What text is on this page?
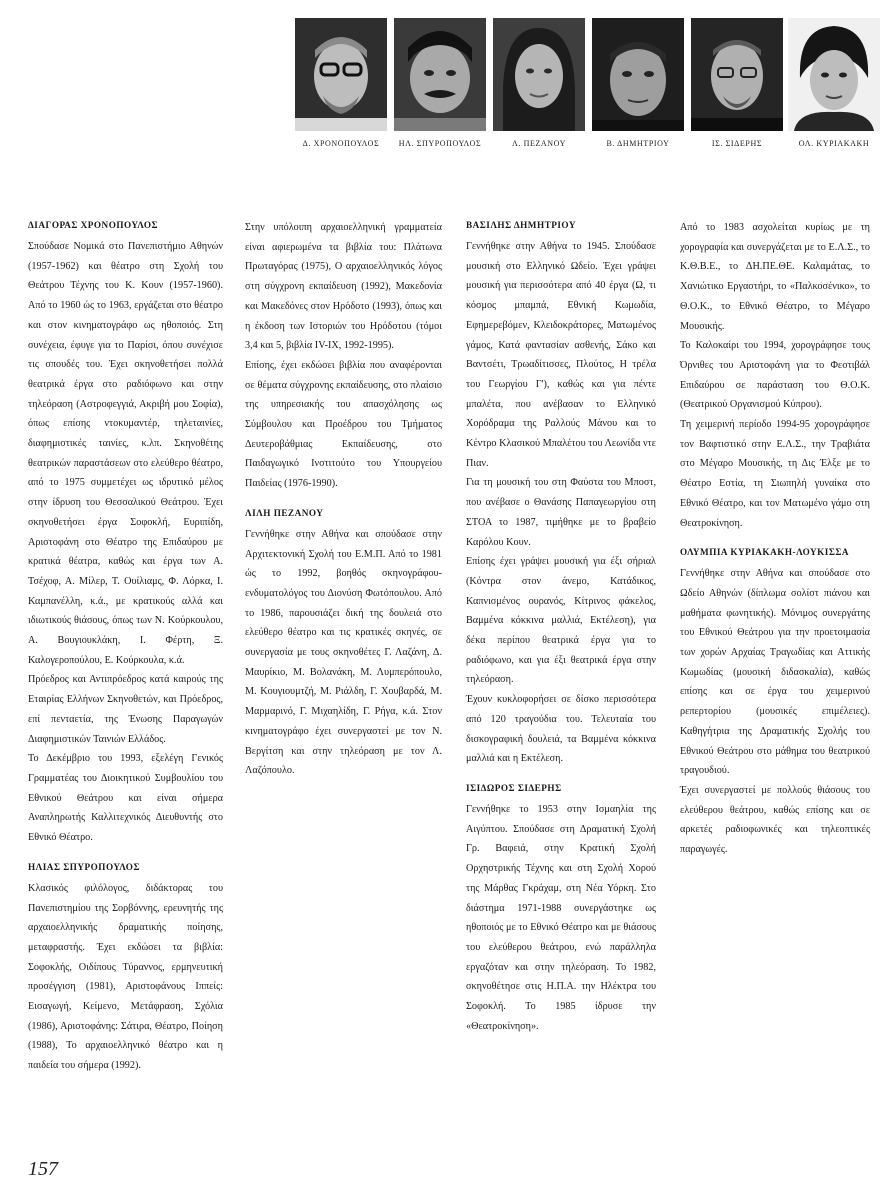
Δ. ΧΡΟΝΟΠΟΥΛΟΣ	ΗΛ. ΣΠΥΡΟΠΟΥΛΟΣ	Λ. ΠΕΖΑΝΟΥ	Β. ΔΗΜΗΤΡΙΟΥ	ΙΣ. ΣΙΔΕΡΗΣ	ΟΛ. ΚΥΡΙΑΚΑΚΗ
ΔΙΑΓΟΡΑΣ ΧΡΟΝΟΠΟΥΛΟΣ

Σπούδασε Νομικά στο Πανεπιστήμιο Αθηνών (1957-1962) και θέατρο στη Σχολή του Θεάτρου Τέχνης του Κ. Κουν (1957-1960). Από το 1960 ώς το 1963, εργάζεται στο θέατρο και στον κινηματογράφο ως ηθοποιός. Στη συνέχεια, έφυγε για το Παρίσι, όπου συνέχισε τις σπουδές του. Έχει σκηνοθετήσει πολλά θεατρικά έργα στο ραδιόφωνο και στην τηλεόραση (Αστροφεγγιά, Ακριβή μου Σοφία), όπως επίσης ντοκυμαντέρ, τηλεταινίες, διαφημιστικές ταινίες, κ.λπ. Σκηνοθέτης θεατρικών παραστάσεων στο ελεύθερο θέατρο, από το 1975 συμμετέχει ως ιδρυτικό μέλος στην ίδρυση του Θεσσαλικού Θεάτρου. Έχει σκηνοθετήσει έργα Σοφοκλή, Ευριπίδη, Αριστοφάνη στο Θέατρο της Επιδαύρου με κρατικά θέατρα, καθώς και έργα των Α. Τσέχοφ, Α. Μίλερ, Τ. Ουίλιαμς, Φ. Λόρκα, Ι. Καμπανέλλη, κ.ά., με κρατικούς αλλά και ιδιωτικούς θιάσους, όπως των Ν. Κούρκουλου, Α. Βουγιουκλάκη, Ι. Φέρτη, Ξ. Καλογεροπούλου, Ε. Κούρκουλα, κ.ά.

Πρόεδρος και Αντιπρόεδρος κατά καιρούς της Εταιρίας Ελλήνων Σκηνοθετών, και Πρόεδρος, επί πενταετία, της Ένωσης Παραγωγών Διαφημιστικών Ταινιών Ελλάδος.

Το Δεκέμβριο του 1993, εξελέγη Γενικός Γραμματέας του Διοικητικού Συμβουλίου του Εθνικού Θεάτρου και είναι σήμερα Αναπληρωτής Καλλιτεχνικός Διευθυντής στο Εθνικό Θέατρο.

ΗΛΙΑΣ ΣΠΥΡΟΠΟΥΛΟΣ

Κλασικός φιλόλογος, διδάκτορας του Πανεπιστημίου της Σορβόννης, ερευνητής της αρχαιοελληνικής δραματικής ποίησης, μεταφραστής. Έχει εκδώσει τα βιβλία: Σοφοκλής, Οιδίπους Τύραννος, ερμηνευτική προσέγγιση (1981), Αριστοφάνους Ιππείς: Εισαγωγή, Κείμενο, Μετάφραση, Σχόλια (1986), Αριστοφάνης: Σάτιρα, Θέατρο, Ποίηση (1988), Το αρχαιοελληνικό θέατρο και η παιδεία του σήμερα (1992).

Στην υπόλοιπη αρχαιοελληνική γραμματεία είναι αφιερωμένα τα βιβλία του: Πλάτωνα Πρωταγόρας (1975), Ο αρχαιοελληνικός λόγος στη σύγχρονη εκπαίδευση (1992), Μακεδονία και Μακεδόνες στον Ηρόδοτο (1993), όπως και η έκδοση των Ιστοριών του Ηρόδοτου (τόμοι 3,4 και 5, βιβλία IV-IX, 1992-1995).

Επίσης, έχει εκδώσει βιβλία που αναφέρονται σε θέματα σύγχρονης εκπαίδευσης, στο πλαίσιο της υπηρεσιακής του απασχόλησης ως Σύμβουλου και Προέδρου του Τμήματος Δευτεροβάθμιας Εκπαίδευσης, στο Παιδαγωγικό Ινστιτούτο του Υπουργείου Παιδείας (1976-1990).

ΛΙΛΗ ΠΕΖΑΝΟΥ

Γεννήθηκε στην Αθήνα και σπούδασε στην Αρχιτεκτονική Σχολή του Ε.Μ.Π. Από το 1981 ώς το 1992, βοηθός σκηνογράφου-ενδυματολόγος του Διονύση Φωτόπουλου. Από το 1986, παρουσιάζει δική της δουλειά στο ελεύθερο θέατρο και τις κρατικές σκηνές, σε συνεργασία με τους σκηνοθέτες Γ. Λαζάνη, Δ. Μαυρίκιο, Μ. Βολανάκη, Μ. Λυμπερόπουλο, Μ. Κουγιουμτζή, Μ. Ριάλδη, Γ. Χουβαρδά, Μ. Μαρμαρινό, Γ. Μιχαηλίδη, Γ. Ρήγα, κ.ά. Στον κινηματογράφο έχει συνεργαστεί με τον Ν. Βεργίτση και στην τηλεόραση με τον Λ. Λαζόπουλο.

ΒΑΣΙΛΗΣ ΔΗΜΗΤΡΙΟΥ

Γεννήθηκε στην Αθήνα το 1945. Σπούδασε μουσική στο Ελληνικό Ωδείο. Έχει γράψει μουσική για περισσότερα από 40 έργα (Ω, τι κόσμος μπαμπά, Εθνική Κωμωδία, Εφημερεβόμεν, Κλειδοκράτορες, Ματωμένος γάμος, Κατά φαντασίαν ασθενής, Σάκο και Βαντσέτι, Τρωαδίτισσες, Πλούτος, Η τρέλα του Γεωργίου Γ'), καθώς και για πέντε μπαλέτα, που ανέβασαν το Ελληνικό Χορόδραμα της Ραλλούς Μάνου και το Κέντρο Κλασικού Μπαλέτου του Λεωνίδα ντε Πιαν.

Για τη μουσική του στη Φαύστα του Μποστ, που ανέβασε ο Θανάσης Παπαγεωργίου στη ΣΤΟΑ το 1987, τιμήθηκε με το βραβείο Καρόλου Κουν.

Επίσης έχει γράψει μουσική για έξι σήριαλ (Κόντρα στον άνεμο, Κατάδικος, Καπνισμένος ουρανός, Κίτρινος φάκελος, Βαμμένα κόκκινα μαλλιά, Εκτέλεση), για δέκα περίπου θεατρικά έργα για το ραδιόφωνο, και για έξι θεατρικά έργα στην τηλεόραση.

Έχουν κυκλοφορήσει σε δίσκο περισσότερα από 120 τραγούδια του. Τελευταία του δισκογραφική δουλειά, τα Βαμμένα κόκκινα μαλλιά και η Εκτέλεση.

ΙΣΙΔΩΡΟΣ ΣΙΔΕΡΗΣ

Γεννήθηκε το 1953 στην Ισμαηλία της Αιγύπτου. Σπούδασε στη Δραματική Σχολή Γρ. Βαφειά, στην Κρατική Σχολή Ορχηστρικής Τέχνης και στη Σχολή Χορού της Μάρθας Γκράχαμ, στη Νέα Υόρκη. Στο διάστημα 1971-1988 συνεργάστηκε ως ηθοποιός με το Εθνικό Θέατρο και με θιάσους του ελεύθερου θεάτρου, ενώ παράλληλα εργαζόταν και στην τηλεόραση. Το 1982, σκηνοθέτησε στις Η.Π.Α. την Ηλέκτρα του Σοφοκλή. Το 1985 ίδρυσε την «Θεατροκίνηση».

Από το 1983 ασχολείται κυρίως με τη χορογραφία και συνεργάζεται με το Ε.Λ.Σ., το Κ.Θ.Β.Ε., το ΔΗ.ΠΕ.ΘΕ. Καλαμάτας, το Χανιώτικο Εργαστήρι, το «Παλκοσένικο», το Θ.Ο.Κ., το Εθνικό Θέατρο, το Μέγαρο Μουσικής.

Το Καλοκαίρι του 1994, χορογράφησε τους Όρνιθες του Αριστοφάνη για το Φεστιβάλ Επιδαύρου σε παράσταση του Θ.Ο.Κ. (Θεατρικού Οργανισμού Κύπρου).

Τη χειμερινή περίοδο 1994-95 χορογράφησε τον Βαφτιστικό στην Ε.Λ.Σ., την Τραβιάτα στο Μέγαρο Μουσικής, τη Δις Έλξε με το Θέατρο Εστία, τη Σιωπηλή γυναίκα στο Εθνικό Θέατρο, και τον Ματωμένο γάμο στη Θεατροκίνηση.

ΟΛΥΜΠΙΑ ΚΥΡΙΑΚΑΚΗ-ΛΟΥΚΙΣΣΑ

Γεννήθηκε στην Αθήνα και σπούδασε στο Ωδείο Αθηνών (δίπλωμα σολίστ πιάνου και μαθήματα φωνητικής). Μόνιμος συνεργάτης του Εθνικού Θεάτρου για την προετοιμασία των χορών Αρχαίας Τραγωδίας και Αττικής Κωμωδίας (μουσική διδασκαλία), καθώς επίσης και σε έργα του χειμερινού ρεπερτορίου (μουσικές επιμέλειες). Καθηγήτρια της Δραματικής Σχολής του Εθνικού Θεάτρου στο μάθημα του θεατρικού τραγουδιού.

Έχει συνεργαστεί με πολλούς θιάσους του ελεύθερου θεάτρου, καθώς επίσης και σε αρκετές ραδιοφωνικές και τηλεοπτικές παραγωγές.

157
